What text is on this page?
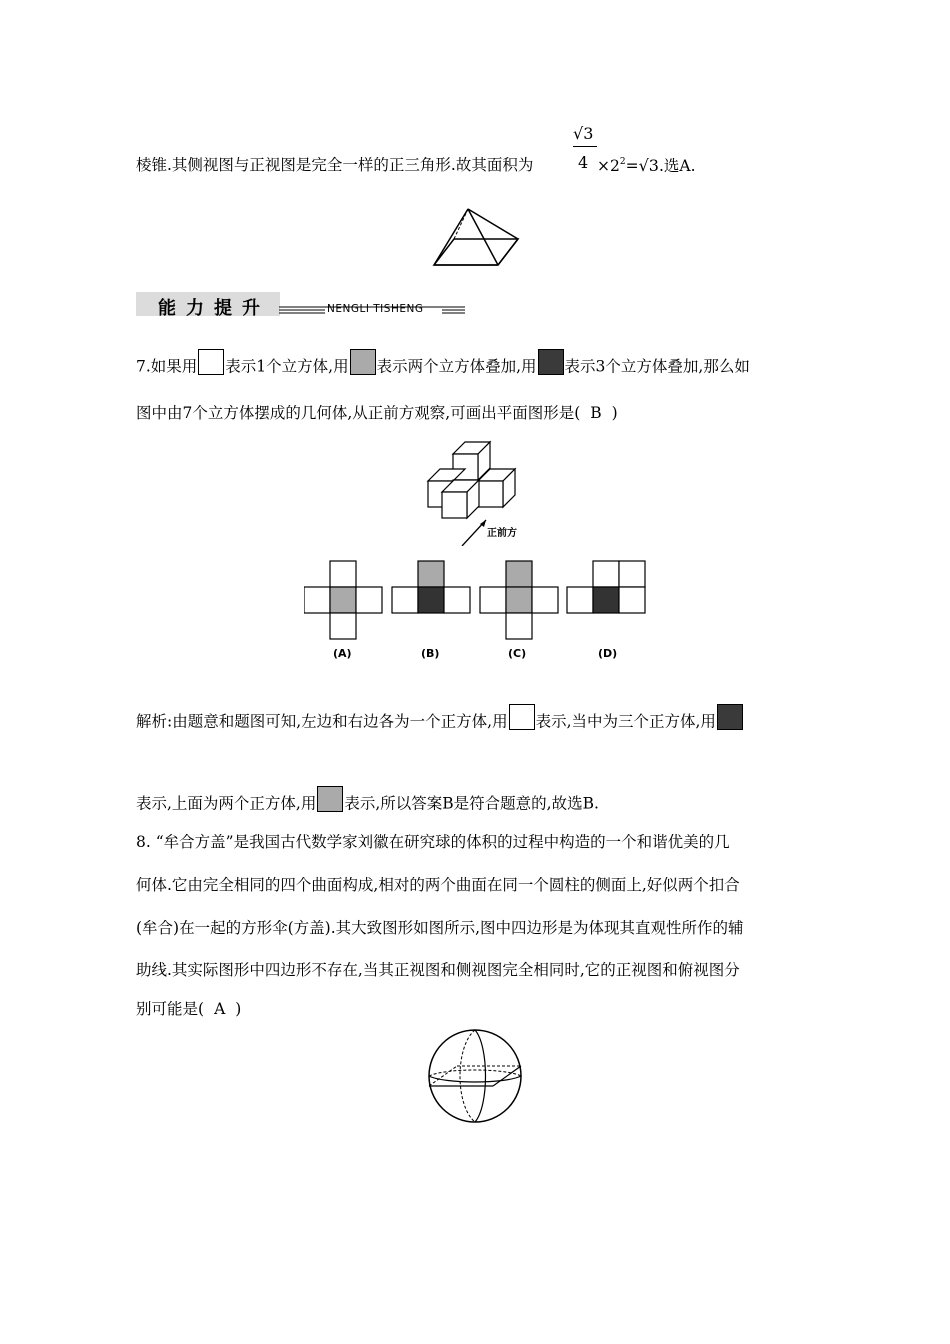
棱锥.其侧视图与正视图是完全一样的正三角形.故其面积为
√3
$4 \times 2^2=√3$.选A.
能力提升	NENGLI TISHENG
7.如果用 表示1个立方体,用 表示两个立方体叠加,用 表示3个立方体叠加,那么如
图中由7个立方体摆成的几何体,从正前方观察,可画出平面图形是( B )
正前方
(A)	(B)	(C)	(D)
解析:由题意和题图可知,左边和右边各为一个正方体,用 表示,当中为三个正方体,用
表示,上面为两个正方体,用 表示,所以答案B是符合题意的,故选B.
8. “牟合方盖”是我国古代数学家刘徽在研究球的体积的过程中构造的一个和谐优美的几
何体.它由完全相同的四个曲面构成,相对的两个曲面在同一个圆柱的侧面上,好似两个扣合
(牟合)在一起的方形伞(方盖).其大致图形如图所示,图中四边形是为体现其直观性所作的辅
助线.其实际图形中四边形不存在,当其正视图和侧视图完全相同时,它的正视图和俯视图分
别可能是( A )
